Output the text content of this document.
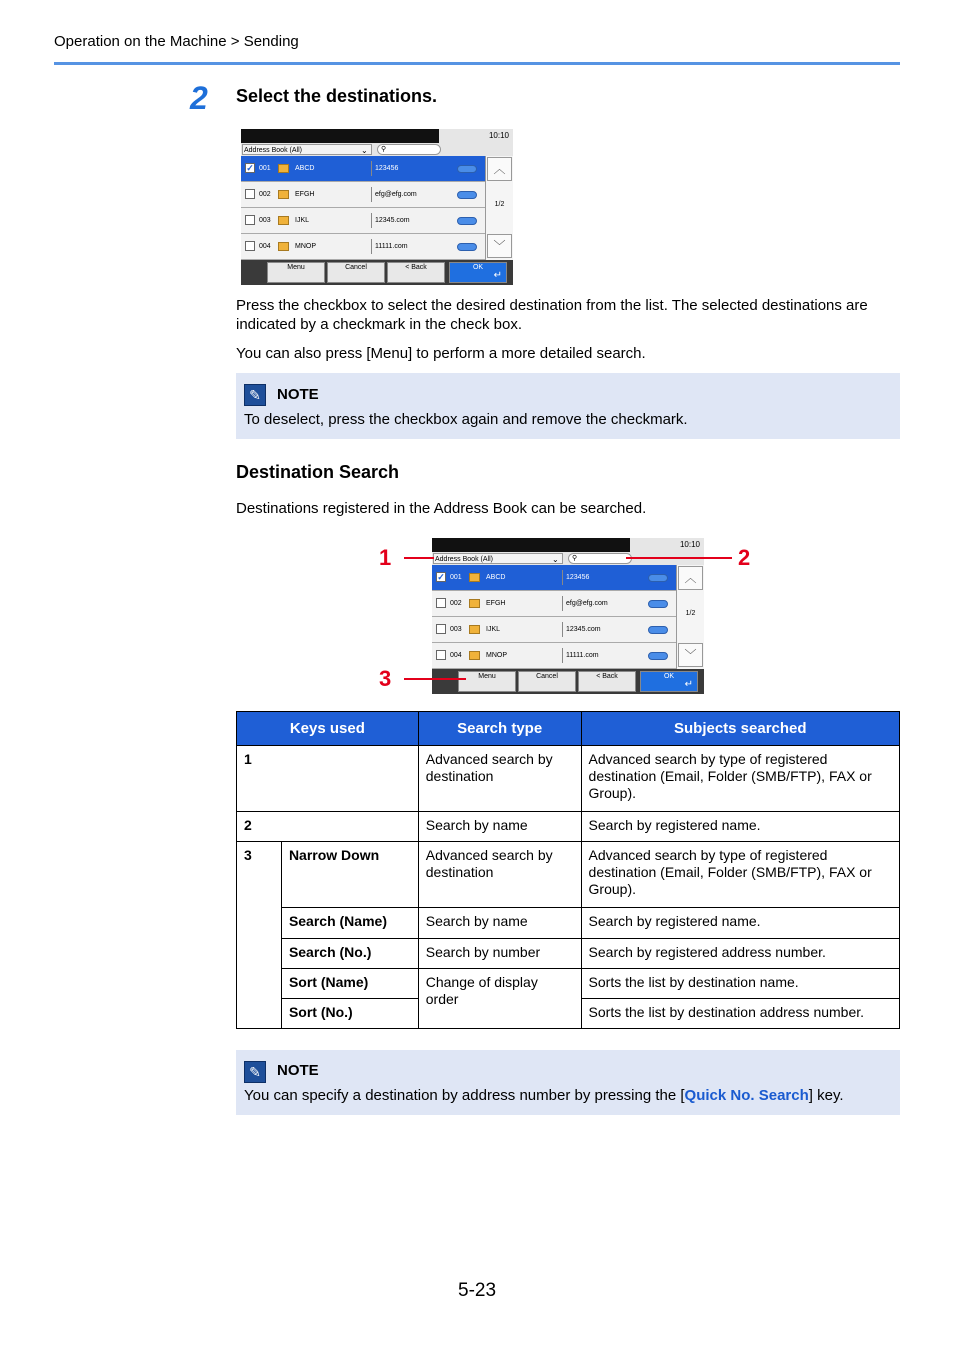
Operation on the Machine > Sending
2 Select the destinations.
10:10
Address Book (All)	⌄	⚲
✓ 001	ABCD	123456
002	EFGH	efg@efg.com
003	IJKL	12345.com
004	MNOP	11111.com
︿
1/2
﹀
Menu	Cancel	< Back	OK
↵
Press the checkbox to select the desired destination from the list. The selected destinations are indicated by a checkmark in the check box.
You can also press [Menu] to perform a more detailed search.
✎	NOTE
To deselect, press the checkbox again and remove the checkmark.
Destination Search
Destinations registered in the Address Book can be searched.
10:10
Address Book (All)	⌄	⚲
✓ 001	ABCD	123456
002	EFGH	efg@efg.com
003	IJKL	12345.com
004	MNOP	11111.com
︿
1/2
﹀
Menu	Cancel	< Back	OK
↵
1	2
3
Keys used		Search type	Subjects searched
1		Advanced search by destination	Advanced search by type of registered destination (Email, Folder (SMB/FTP), FAX or Group).
2		Search by name	Search by registered name.
3	Narrow Down	Advanced search by destination	Advanced search by type of registered destination (Email, Folder (SMB/FTP), FAX or Group).
	Search (Name)	Search by name	Search by registered name.
	Search (No.)	Search by number	Search by registered address number.
	Sort (Name)	Change of display order	Sorts the list by destination name.
	Sort (No.)		Sorts the list by destination address number.
✎	NOTE
You can specify a destination by address number by pressing the [Quick No. Search] key.
5-23
